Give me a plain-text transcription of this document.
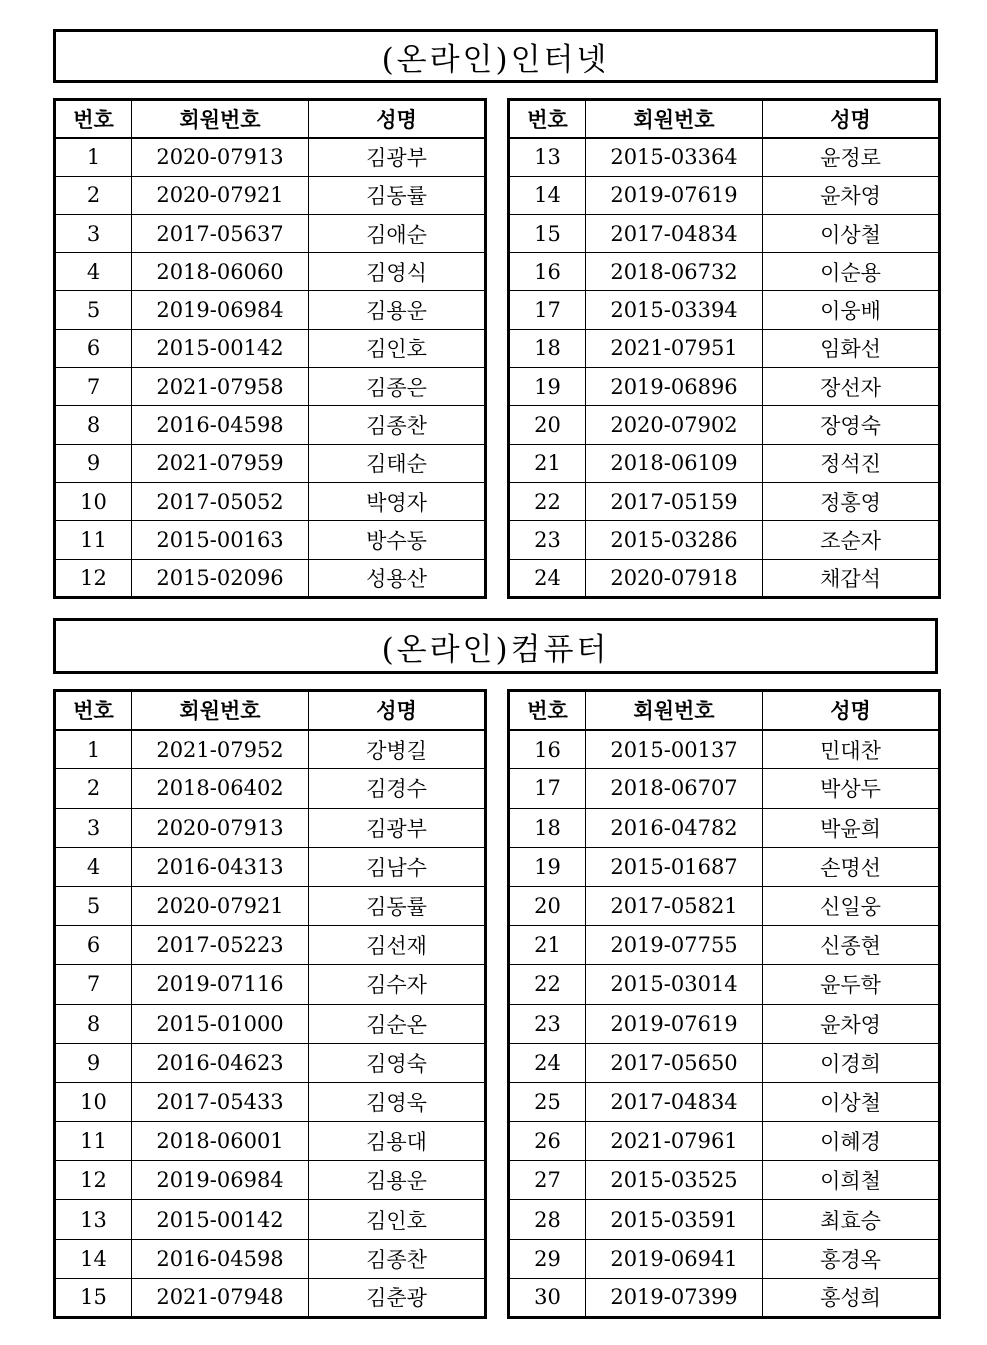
(온라인)인터넷
번호	회원번호	성명
1	2020-07913	김광부
2	2020-07921	김동률
3	2017-05637	김애순
4	2018-06060	김영식
5	2019-06984	김용운
6	2015-00142	김인호
7	2021-07958	김종은
8	2016-04598	김종찬
9	2021-07959	김태순
10	2017-05052	박영자
11	2015-00163	방수동
12	2015-02096	성용산
번호	회원번호	성명
13	2015-03364	윤정로
14	2019-07619	윤차영
15	2017-04834	이상철
16	2018-06732	이순용
17	2015-03394	이웅배
18	2021-07951	임화선
19	2019-06896	장선자
20	2020-07902	장영숙
21	2018-06109	정석진
22	2017-05159	정홍영
23	2015-03286	조순자
24	2020-07918	채갑석
(온라인)컴퓨터
번호	회원번호	성명
1	2021-07952	강병길
2	2018-06402	김경수
3	2020-07913	김광부
4	2016-04313	김남수
5	2020-07921	김동률
6	2017-05223	김선재
7	2019-07116	김수자
8	2015-01000	김순온
9	2016-04623	김영숙
10	2017-05433	김영욱
11	2018-06001	김용대
12	2019-06984	김용운
13	2015-00142	김인호
14	2016-04598	김종찬
15	2021-07948	김춘광
번호	회원번호	성명
16	2015-00137	민대찬
17	2018-06707	박상두
18	2016-04782	박윤희
19	2015-01687	손명선
20	2017-05821	신일웅
21	2019-07755	신종현
22	2015-03014	윤두학
23	2019-07619	윤차영
24	2017-05650	이경희
25	2017-04834	이상철
26	2021-07961	이혜경
27	2015-03525	이희철
28	2015-03591	최효승
29	2019-06941	홍경옥
30	2019-07399	홍성희
